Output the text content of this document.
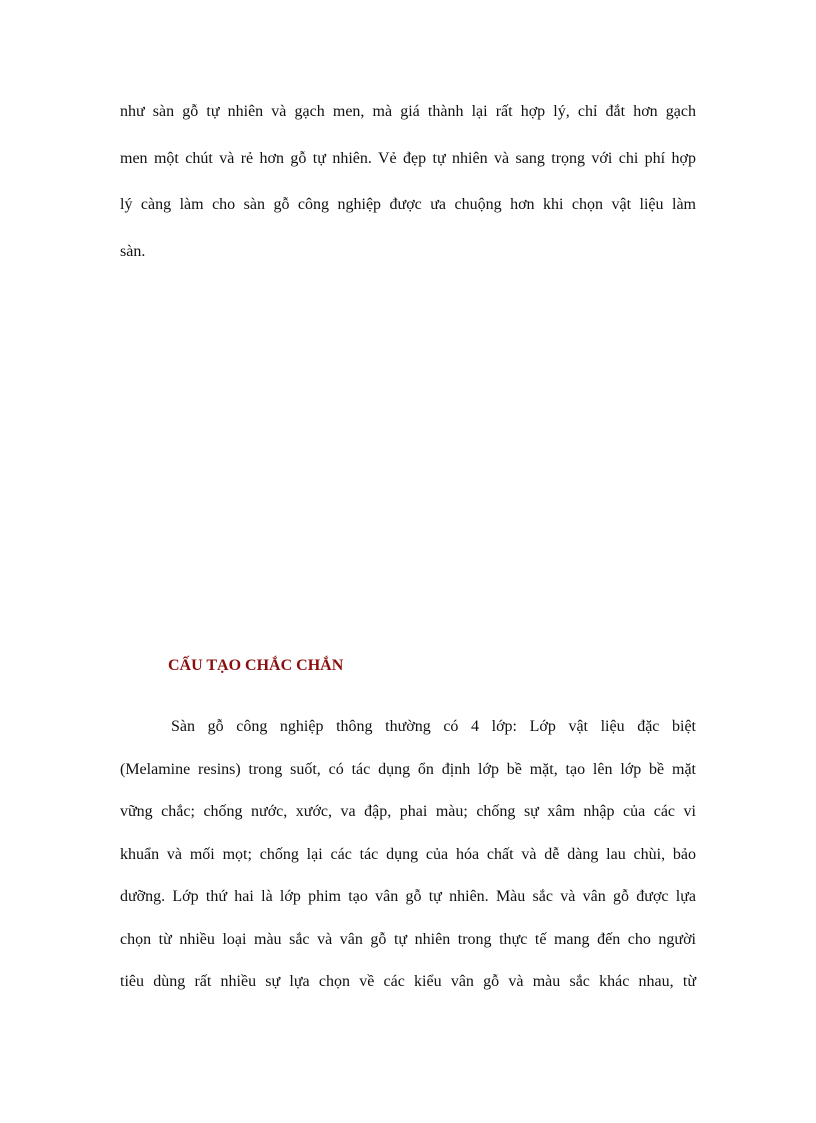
như sàn gỗ tự nhiên và gạch men, mà giá thành lại rất hợp lý, chỉ đắt hơn gạch
men một chút và rẻ hơn gỗ tự nhiên. Vẻ đẹp tự nhiên và sang trọng với chi phí hợp
lý càng làm cho sàn gỗ công nghiệp được ưa chuộng hơn khi chọn vật liệu làm
sàn.

CẤU TẠO CHẮC CHẮN

Sàn gỗ công nghiệp thông thường có 4 lớp: Lớp vật liệu đặc biệt
(Melamine resins) trong suốt, có tác dụng ổn định lớp bề mặt, tạo lên lớp bề mặt
vững chắc; chống nước, xước, va đập, phai màu; chống sự xâm nhập của các vi
khuẩn và mối mọt; chống lại các tác dụng của hóa chất và dễ dàng lau chùi, bảo
dưỡng. Lớp thứ hai là lớp phim tạo vân gỗ tự nhiên. Màu sắc và vân gỗ được lựa
chọn từ nhiều loại màu sắc và vân gỗ tự nhiên trong thực tế mang đến cho người
tiêu dùng rất nhiều sự lựa chọn về các kiểu vân gỗ và màu sắc khác nhau, từ
